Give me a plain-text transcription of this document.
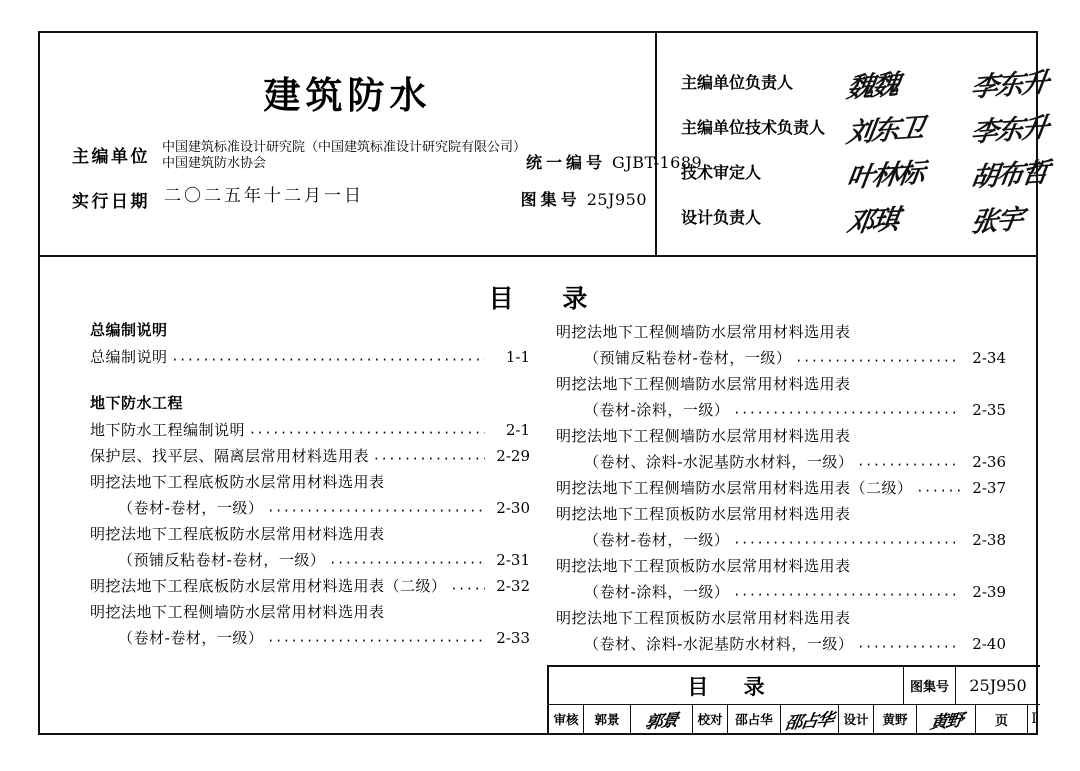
建筑防水
主编单位 中国建筑标准设计研究院（中国建筑标准设计研究院有限公司）
中国建筑防水协会	统一编号 GJBT-1689
实行日期 二〇二五年十二月一日	图集号 25J950
主编单位负责人 魏魏	李东升
主编单位技术负责人 刘东卫	李东升
技术审定人	叶林标	胡布哲
设计负责人	邓琪	张宇
目 录
总编制说明
总编制说明 ·····	1-1
地下防水工程
地下防水工程编制说明 ·····	2-1
保护层、找平层、隔离层常用材料选用表 ·····	2-29
明挖法地下工程底板防水层常用材料选用表
（卷材-卷材，一级） ·····	2-30
明挖法地下工程底板防水层常用材料选用表
（预铺反粘卷材-卷材，一级） ·····	2-31
明挖法地下工程底板防水层常用材料选用表（二级） ·····	2-32
明挖法地下工程侧墙防水层常用材料选用表
（卷材-卷材，一级） ·····	2-33
明挖法地下工程侧墙防水层常用材料选用表
（预铺反粘卷材-卷材，一级） ·····	2-34
明挖法地下工程侧墙防水层常用材料选用表
（卷材-涂料，一级） ·····	2-35
明挖法地下工程侧墙防水层常用材料选用表
（卷材、涂料-水泥基防水材料，一级） ·····	2-36
明挖法地下工程侧墙防水层常用材料选用表（二级） ·····	2-37
明挖法地下工程顶板防水层常用材料选用表
（卷材-卷材，一级） ·····	2-38
明挖法地下工程顶板防水层常用材料选用表
（卷材-涂料，一级） ·····	2-39
明挖法地下工程顶板防水层常用材料选用表
（卷材、涂料-水泥基防水材料，一级） ·····	2-40
目 录	图集号	25J950
审核	郭景	郭景	校对	邵占华 邵占华 设计	黄野	黄野	页	I
